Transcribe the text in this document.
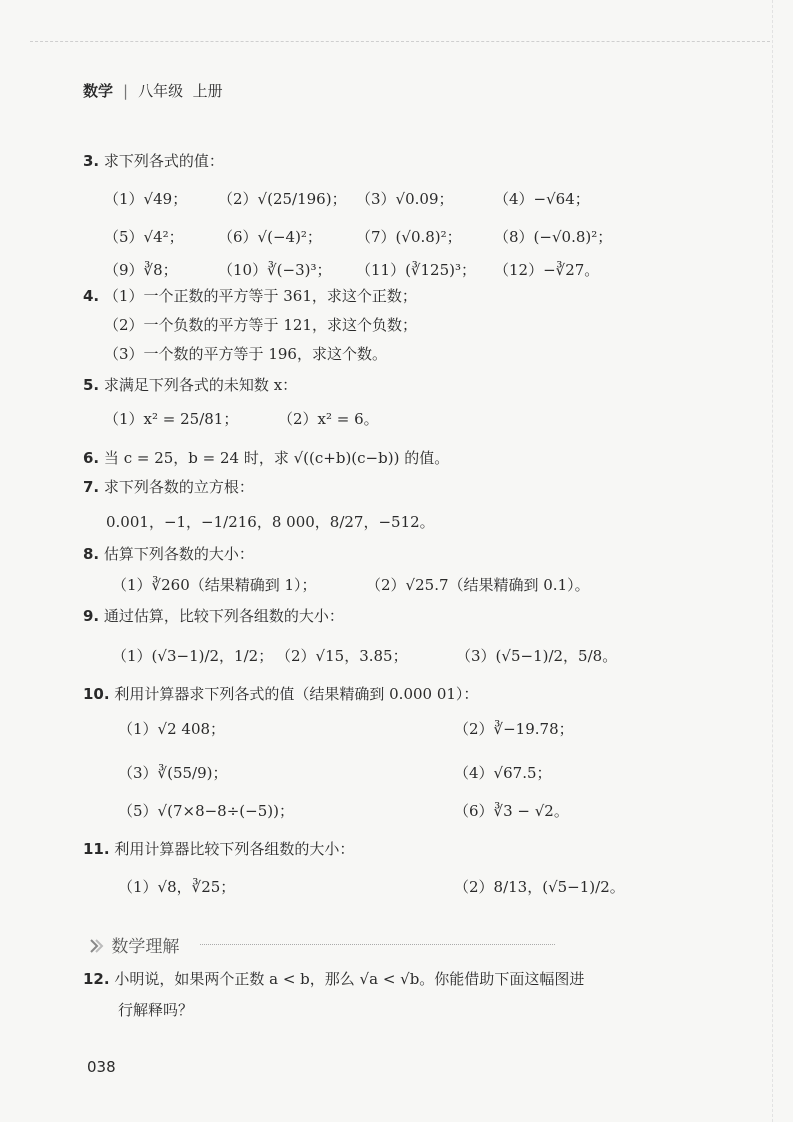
数学 | 八年级 上册
3. 求下列各式的值：
（1）√49； （2）√(25/196)； （3）√0.09；	（4）−√64；
（5）√4²； （6）√(−4)²； （7）(√0.8)²； （8）(−√0.8)²；
（9）∛8；	（10）∛(−3)³； （11）(∛125)³； （12）−∛27。
4. （1）一个正数的平方等于 361，求这个正数；
（2）一个负数的平方等于 121，求这个负数；
（3）一个数的平方等于 196，求这个数。
5. 求满足下列各式的未知数 x：
（1）x² = 25/81；	（2）x² = 6。
6. 当 c = 25，b = 24 时，求 √((c+b)(c−b)) 的值。
7. 求下列各数的立方根：
0.001，−1，−1/216，8 000，8/27，−512。
8. 估算下列各数的大小：
（1）∛260（结果精确到 1）；	（2）√25.7（结果精确到 0.1）。
9. 通过估算，比较下列各组数的大小：
（1）(√3−1)/2，1/2； （2）√15，3.85；	（3）(√5−1)/2，5/8。
10. 利用计算器求下列各式的值（结果精确到 0.000 01）：
（1）√2 408；	（2）∛−19.78；
（3）∛(55/9)；	（4）√67.5；
（5）√(7×8−8÷(−5))；	（6）∛3 − √2。
11. 利用计算器比较下列各组数的大小：
（1）√8，∛25；	（2）8/13，(√5−1)/2。
数学理解
12. 小明说，如果两个正数 a < b，那么 √a < √b。你能借助下面这幅图进
行解释吗？
038
